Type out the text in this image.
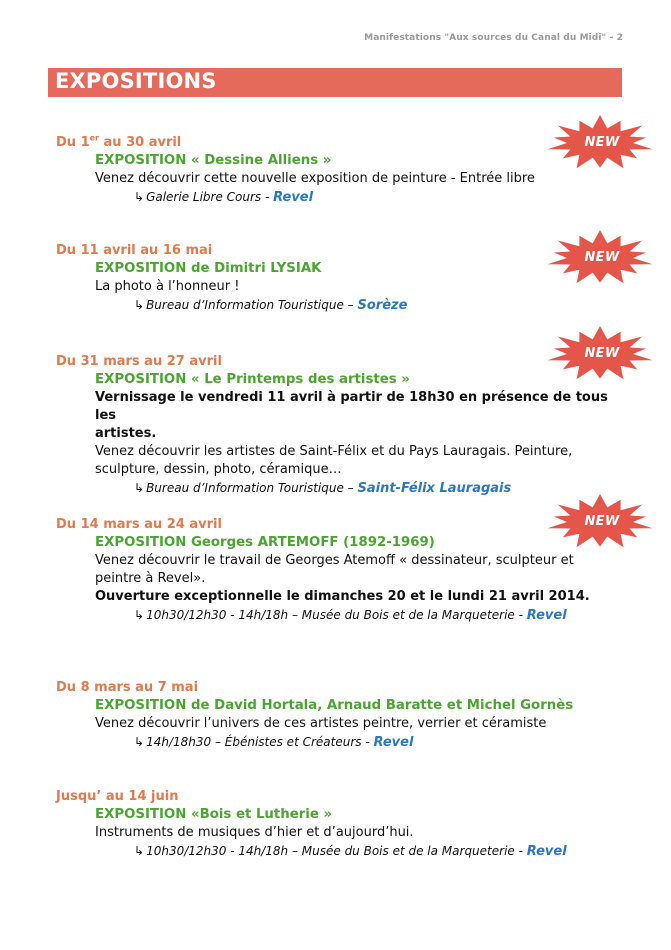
Manifestations "Aux sources du Canal du Midi" - 2
EXPOSITIONS
Du 1er au 30 avril
EXPOSITION « Dessine Alliens »
Venez découvrir cette nouvelle exposition de peinture - Entrée libre
↳ Galerie Libre Cours - Revel
Du 11 avril au 16 mai
EXPOSITION de Dimitri LYSIAK
La photo à l’honneur !
↳ Bureau d’Information Touristique – Sorèze
Du 31 mars au 27 avril
EXPOSITION « Le Printemps des artistes »
Vernissage le vendredi 11 avril à partir de 18h30 en présence de tous les
artistes.
Venez découvrir les artistes de Saint-Félix et du Pays Lauragais. Peinture,
sculpture, dessin, photo, céramique…
↳ Bureau d’Information Touristique – Saint-Félix Lauragais
Du 14 mars au 24 avril
EXPOSITION Georges ARTEMOFF (1892-1969)
Venez découvrir le travail de Georges Atemoff « dessinateur, sculpteur et
peintre à Revel».
Ouverture exceptionnelle le dimanches 20 et le lundi 21 avril 2014.
↳ 10h30/12h30 - 14h/18h – Musée du Bois et de la Marqueterie - Revel
Du 8 mars au 7 mai
EXPOSITION de David Hortala, Arnaud Baratte et Michel Gornès
Venez découvrir l’univers de ces artistes peintre, verrier et céramiste
↳ 14h/18h30 – Ébénistes et Créateurs - Revel
Jusqu’ au 14 juin
EXPOSITION «Bois et Lutherie »
Instruments de musiques d’hier et d’aujourd’hui.
↳ 10h30/12h30 - 14h/18h – Musée du Bois et de la Marqueterie - Revel
NEW
NEW
NEW
NEW
